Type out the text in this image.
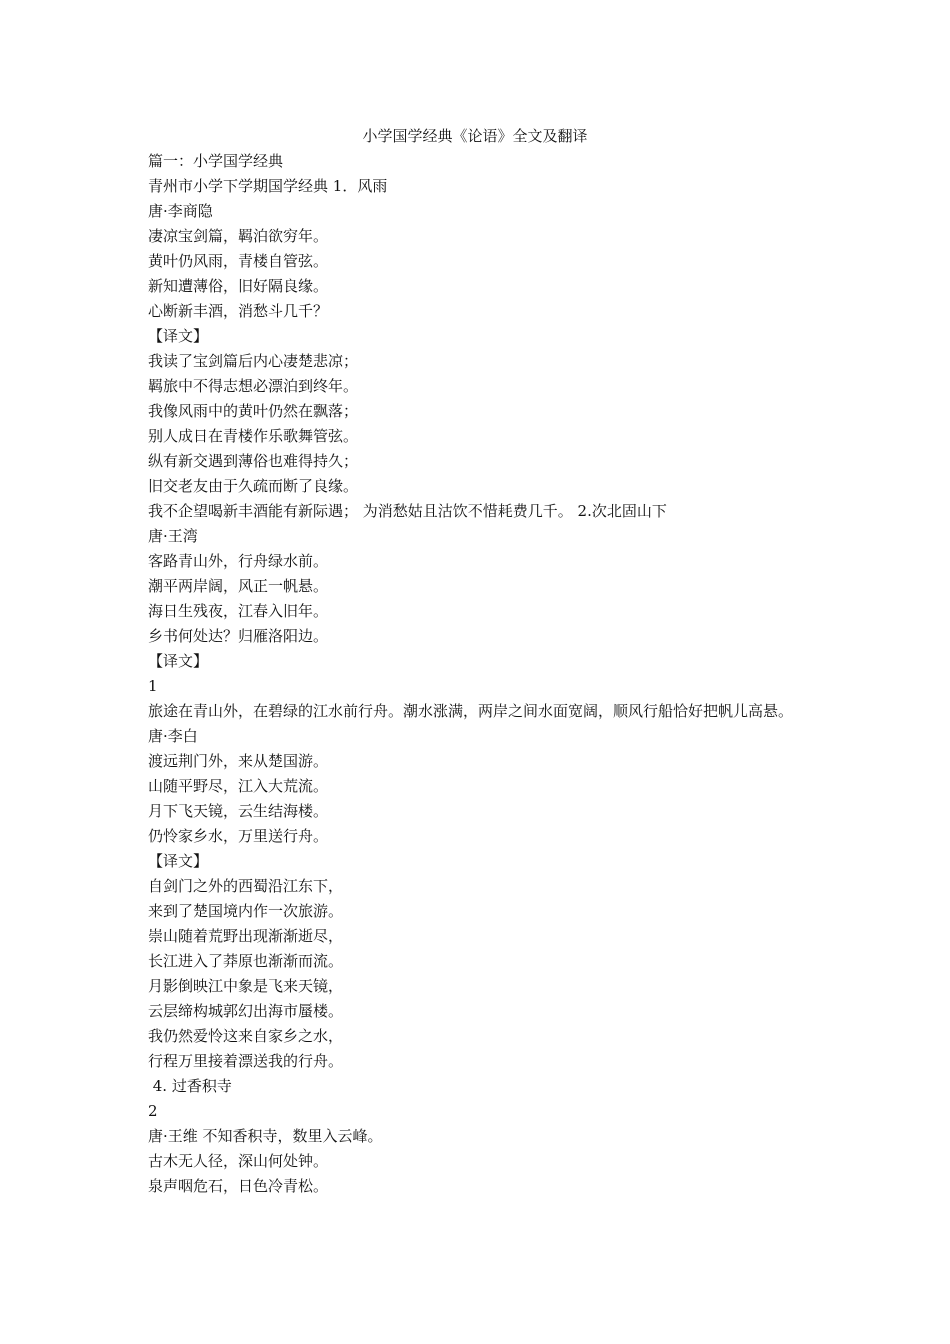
小学国学经典《论语》全文及翻译
篇一：小学国学经典
青州市小学下学期国学经典 1．风雨
唐·李商隐
凄凉宝剑篇，羁泊欲穷年。
黄叶仍风雨，青楼自管弦。
新知遭薄俗，旧好隔良缘。
心断新丰酒，消愁斗几千？
【译文】
我读了宝剑篇后内心凄楚悲凉；
羁旅中不得志想必漂泊到终年。
我像风雨中的黄叶仍然在飘落；
别人成日在青楼作乐歌舞管弦。
纵有新交遇到薄俗也难得持久；
旧交老友由于久疏而断了良缘。
我不企望喝新丰酒能有新际遇； 为消愁姑且沽饮不惜耗费几千。 2.次北固山下
唐·王湾
客路青山外，行舟绿水前。
潮平两岸阔，风正一帆悬。
海日生残夜，江春入旧年。
乡书何处达？归雁洛阳边。
【译文】
1
旅途在青山外，在碧绿的江水前行舟。潮水涨满，两岸之间水面宽阔，顺风行船恰好把帆儿高悬。
唐·李白
渡远荆门外，来从楚国游。
山随平野尽，江入大荒流。
月下飞天镜，云生结海楼。
仍怜家乡水，万里送行舟。
【译文】
自剑门之外的西蜀沿江东下，
来到了楚国境内作一次旅游。
崇山随着荒野出现渐渐逝尽，
长江进入了莽原也渐渐而流。
月影倒映江中象是飞来天镜，
云层缔构城郭幻出海市蜃楼。
我仍然爱怜这来自家乡之水，
行程万里接着漂送我的行舟。
4. 过香积寺
2
唐·王维 不知香积寺，数里入云峰。
古木无人径，深山何处钟。
泉声咽危石，日色冷青松。
